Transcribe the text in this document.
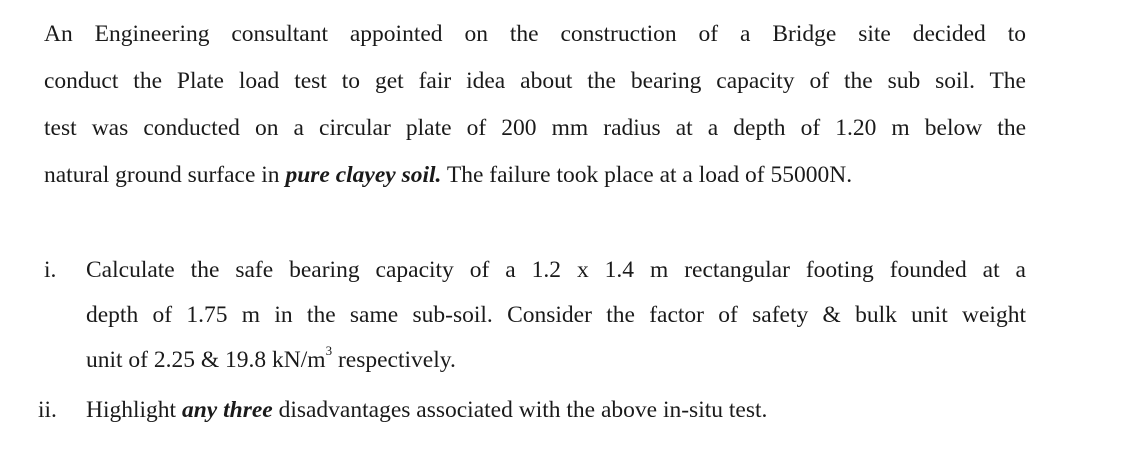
An Engineering consultant appointed on the construction of a Bridge site decided to
conduct the Plate load test to get fair idea about the bearing capacity of the sub soil. The
test was conducted on a circular plate of 200 mm radius at a depth of 1.20 m below the
natural ground surface in pure clayey soil. The failure took place at a load of 55000N.
i. Calculate the safe bearing capacity of a 1.2 x 1.4 m rectangular footing founded at a
depth of 1.75 m in the same sub-soil. Consider the factor of safety & bulk unit weight
unit of 2.25 & 19.8 $kN/m^3$ respectively.
ii. Highlight any three disadvantages associated with the above in-situ test.
